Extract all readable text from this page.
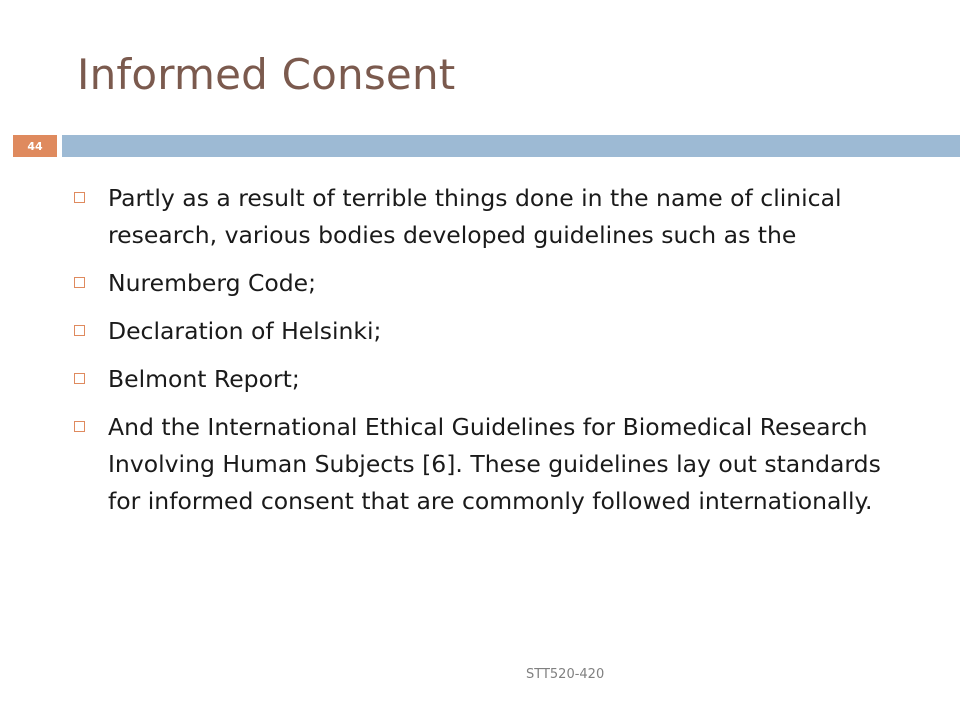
Informed Consent
44
Partly as a result of terrible things done in the name of clinical research, various bodies developed guidelines such as the
Nuremberg Code;
Declaration of Helsinki;
Belmont Report;
And the International Ethical Guidelines for Biomedical Research Involving Human Subjects [6]. These guidelines lay out standards for informed consent that are commonly followed internationally.
STT520-420
